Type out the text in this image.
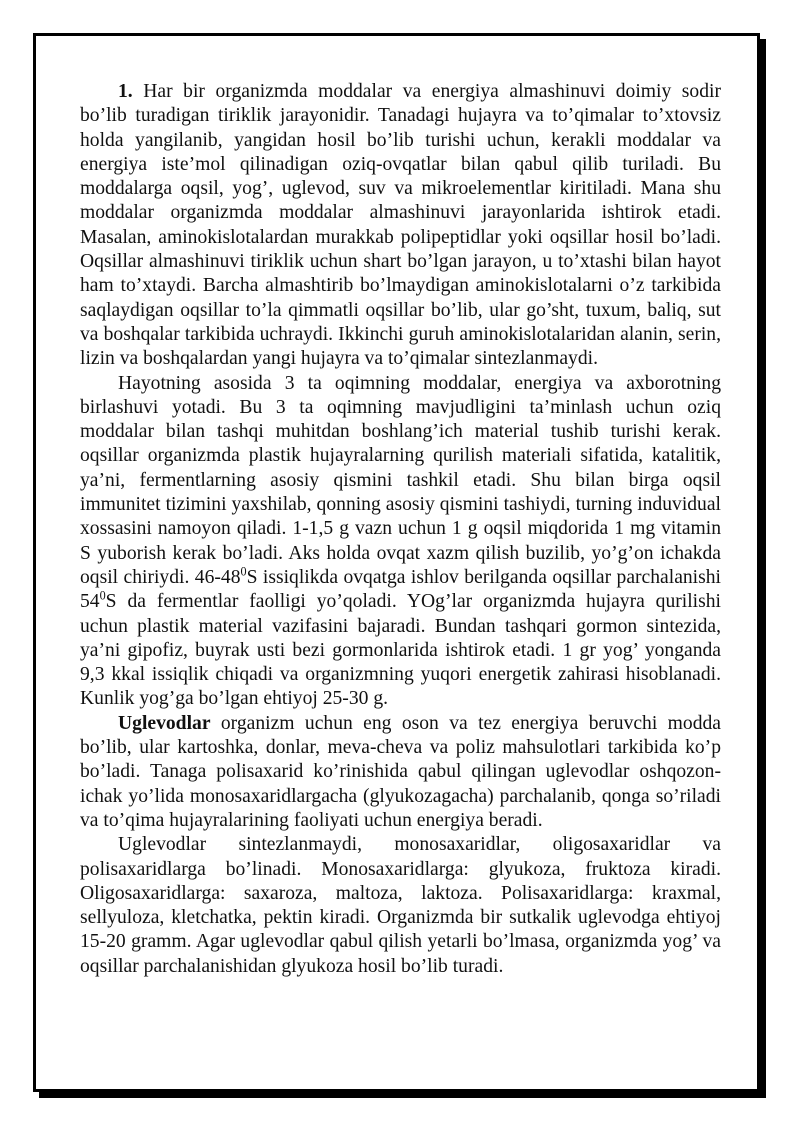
1. Har bir organizmda moddalar va energiya almashinuvi doimiy sodir bo’lib turadigan tiriklik jarayonidir. Tanadagi hujayra va to’qimalar to’xtovsiz holda yangilanib, yangidan hosil bo’lib turishi uchun, kerakli moddalar va energiya iste’mol qilinadigan oziq-ovqatlar bilan qabul qilib turiladi. Bu moddalarga oqsil, yog’, uglevod, suv va mikroelementlar kiritiladi. Mana shu moddalar organizmda moddalar almashinuvi jarayonlarida ishtirok etadi. Masalan, aminokislotalardan murakkab polipeptidlar yoki oqsillar hosil bo’ladi. Oqsillar almashinuvi tiriklik uchun shart bo’lgan jarayon, u to’xtashi bilan hayot ham to’xtaydi. Barcha almashtirib bo’lmaydigan aminokislotalarni o’z tarkibida saqlaydigan oqsillar to’la qimmatli oqsillar bo’lib, ular go’sht, tuxum, baliq, sut va boshqalar tarkibida uchraydi. Ikkinchi guruh aminokislotalaridan alanin, serin, lizin va boshqalardan yangi hujayra va to’qimalar sintezlanmaydi.

Hayotning asosida 3 ta oqimning moddalar, energiya va axborotning birlashuvi yotadi. Bu 3 ta oqimning mavjudligini ta’minlash uchun oziq moddalar bilan tashqi muhitdan boshlang’ich material tushib turishi kerak. oqsillar organizmda plastik hujayralarning qurilish materiali sifatida, katalitik, ya’ni, fermentlarning asosiy qismini tashkil etadi. Shu bilan birga oqsil immunitet tizimini yaxshilab, qonning asosiy qismini tashiydi, turning induvidual xossasini namoyon qiladi. 1-1,5 g vazn uchun 1 g oqsil miqdorida 1 mg vitamin S yuborish kerak bo’ladi. Aks holda ovqat xazm qilish buzilib, yo’g’on ichakda oqsil chiriydi. $46-48^0S$ issiqlikda ovqatga ishlov berilganda oqsillar parchalanishi $54^0S$ da fermentlar faolligi yo’qoladi. YOg’lar organizmda hujayra qurilishi uchun plastik material vazifasini bajaradi. Bundan tashqari gormon sintezida, ya’ni gipofiz, buyrak usti bezi gormonlarida ishtirok etadi. 1 gr yog’ yonganda 9,3 kkal issiqlik chiqadi va organizmning yuqori energetik zahirasi hisoblanadi. Kunlik yog’ga bo’lgan ehtiyoj 25-30 g.

Uglevodlar organizm uchun eng oson va tez energiya beruvchi modda bo’lib, ular kartoshka, donlar, meva-cheva va poliz mahsulotlari tarkibida ko’p bo’ladi. Tanaga polisaxarid ko’rinishida qabul qilingan uglevodlar oshqozon-ichak yo’lida monosaxaridlargacha (glyukozagacha) parchalanib, qonga so’riladi va to’qima hujayralarining faoliyati uchun energiya beradi.

Uglevodlar sintezlanmaydi, monosaxaridlar, oligosaxaridlar va polisaxaridlarga bo’linadi. Monosaxaridlarga: glyukoza, fruktoza kiradi. Oligosaxaridlarga: saxaroza, maltoza, laktoza. Polisaxaridlarga: kraxmal, sellyuloza, kletchatka, pektin kiradi. Organizmda bir sutkalik uglevodga ehtiyoj 15-20 gramm. Agar uglevodlar qabul qilish yetarli bo’lmasa, organizmda yog’ va oqsillar parchalanishidan glyukoza hosil bo’lib turadi.
